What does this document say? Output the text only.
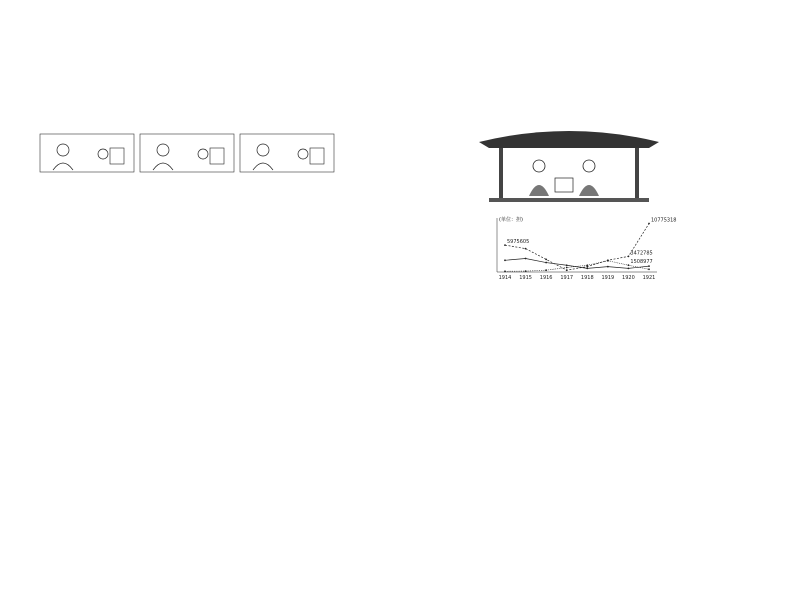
1914 1915 1916 1917 1918 1919 1920 1921
5975605
10775318
3472785
1508977
(单位：担)
